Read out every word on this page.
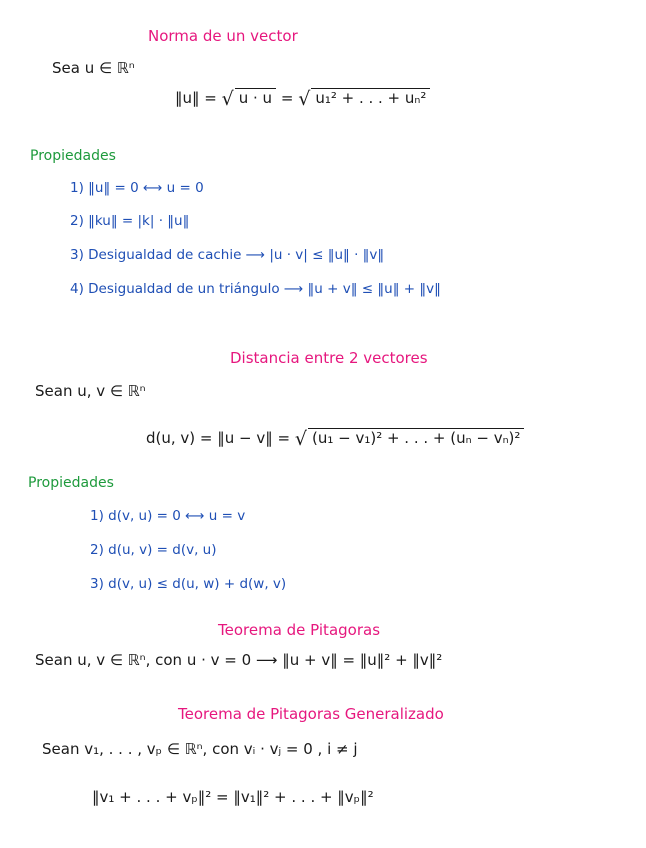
Norma de un vector
Sea u ∈ ℝⁿ
‖u‖ = √ u · u = √ u₁² + . . . + uₙ²
Propiedades
1) ‖u‖ = 0 ⟷ u = 0
2) ‖ku‖ = |k| · ‖u‖
3) Desigualdad de cachie ⟶ |u · v| ≤ ‖u‖ · ‖v‖
4) Desigualdad de un triángulo ⟶ ‖u + v‖ ≤ ‖u‖ + ‖v‖
Distancia entre 2 vectores
Sean u, v ∈ ℝⁿ
d(u, v) = ‖u − v‖ = √ (u₁ − v₁)² + . . . + (uₙ − vₙ)²
Propiedades
1) d(v, u) = 0 ⟷ u = v
2) d(u, v) = d(v, u)
3) d(v, u) ≤ d(u, w) + d(w, v)
Teorema de Pitagoras
Sean u, v ∈ ℝⁿ, con u · v = 0 ⟶ ‖u + v‖ = ‖u‖² + ‖v‖²
Teorema de Pitagoras Generalizado
Sean v₁, . . . , vₚ ∈ ℝⁿ, con vᵢ · vⱼ = 0 , i ≠ j
‖v₁ + . . . + vₚ‖² = ‖v₁‖² + . . . + ‖vₚ‖²
